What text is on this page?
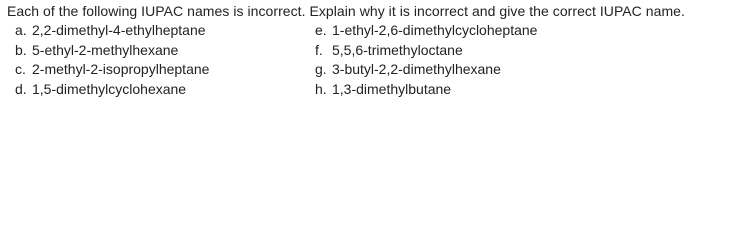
Each of the following IUPAC names is incorrect. Explain why it is incorrect and give the correct IUPAC name.
a. 2,2-dimethyl-4-ethylheptane
b. 5-ethyl-2-methylhexane
c. 2-methyl-2-isopropylheptane
d. 1,5-dimethylcyclohexane
e. 1-ethyl-2,6-dimethylcycloheptane
f. 5,5,6-trimethyloctane
g. 3-butyl-2,2-dimethylhexane
h. 1,3-dimethylbutane
